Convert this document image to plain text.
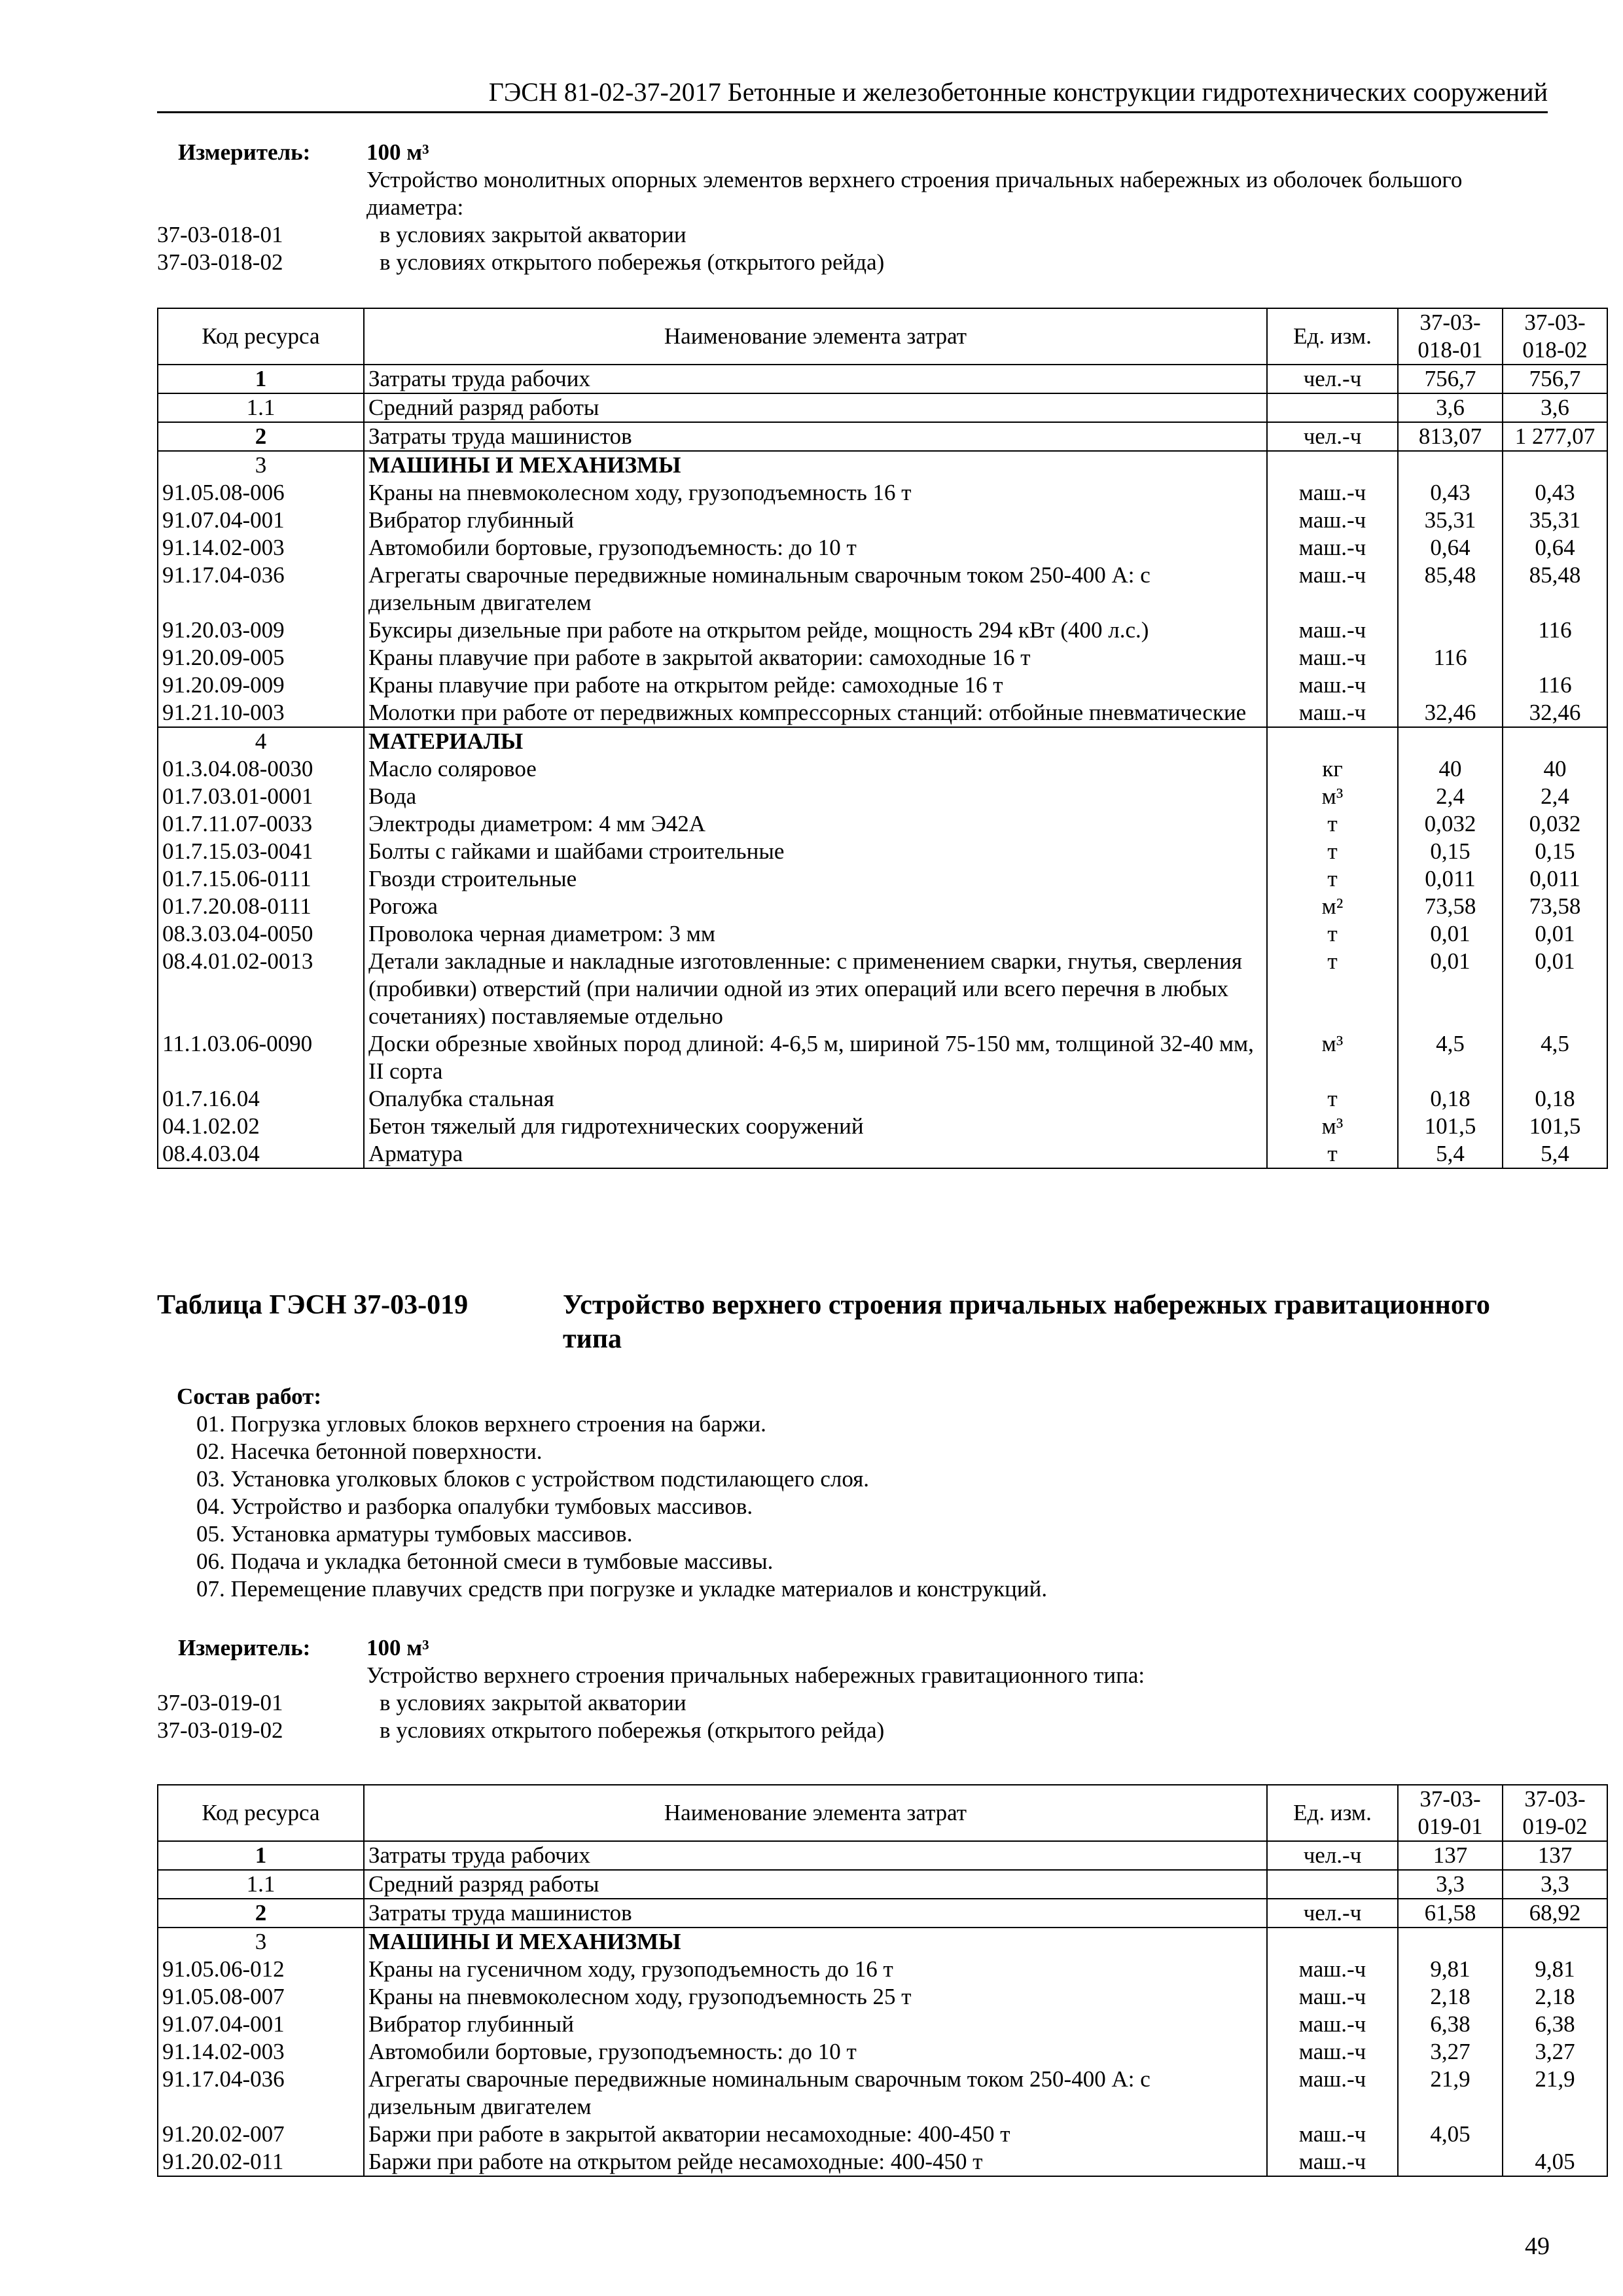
ГЭСН 81-02-37-2017 Бетонные и железобетонные конструкции гидротехнических сооружений
Измеритель:	100 м³
Устройство монолитных опорных элементов верхнего строения причальных набережных из оболочек большого диаметра:
37-03-018-01	в условиях закрытой акватории
37-03-018-02	в условиях открытого побережья (открытого рейда)
Код ресурса	Наименование элемента затрат	Ед. изм.	37-03-018-01	37-03-018-02
1	Затраты труда рабочих	чел.-ч	756,7	756,7
1.1	Средний разряд работы		3,6	3,6
2	Затраты труда машинистов	чел.-ч	813,07	1 277,07
3	МАШИНЫ И МЕХАНИЗМЫ			
91.05.08-006	Краны на пневмоколесном ходу, грузоподъемность 16 т	маш.-ч	0,43	0,43
91.07.04-001	Вибратор глубинный	маш.-ч	35,31	35,31
91.14.02-003	Автомобили бортовые, грузоподъемность: до 10 т	маш.-ч	0,64	0,64
91.17.04-036	Агрегаты сварочные передвижные номинальным сварочным током 250-400 А: с дизельным двигателем	маш.-ч	85,48	85,48
91.20.03-009	Буксиры дизельные при работе на открытом рейде, мощность 294 кВт (400 л.с.)	маш.-ч		116
91.20.09-005	Краны плавучие при работе в закрытой акватории: самоходные 16 т	маш.-ч	116	
91.20.09-009	Краны плавучие при работе на открытом рейде: самоходные 16 т	маш.-ч		116
91.21.10-003	Молотки при работе от передвижных компрессорных станций: отбойные пневматические	маш.-ч	32,46	32,46
4	МАТЕРИАЛЫ			
01.3.04.08-0030	Масло соляровое	кг	40	40
01.7.03.01-0001	Вода	м³	2,4	2,4
01.7.11.07-0033	Электроды диаметром: 4 мм Э42А	т	0,032	0,032
01.7.15.03-0041	Болты с гайками и шайбами строительные	т	0,15	0,15
01.7.15.06-0111	Гвозди строительные	т	0,011	0,011
01.7.20.08-0111	Рогожа	м²	73,58	73,58
08.3.03.04-0050	Проволока черная диаметром: 3 мм	т	0,01	0,01
08.4.01.02-0013	Детали закладные и накладные изготовленные: с применением сварки, гнутья, сверления (пробивки) отверстий (при наличии одной из этих операций или всего перечня в любых сочетаниях) поставляемые отдельно	т	0,01	0,01
11.1.03.06-0090	Доски обрезные хвойных пород длиной: 4-6,5 м, шириной 75-150 мм, толщиной 32-40 мм, II сорта	м³	4,5	4,5
01.7.16.04	Опалубка стальная	т	0,18	0,18
04.1.02.02	Бетон тяжелый для гидротехнических сооружений	м³	101,5	101,5
08.4.03.04	Арматура	т	5,4	5,4
Таблица ГЭСН 37-03-019	Устройство верхнего строения причальных набережных гравитационного типа
Состав работ:
01. Погрузка угловых блоков верхнего строения на баржи.
02. Насечка бетонной поверхности.
03. Установка уголковых блоков с устройством подстилающего слоя.
04. Устройство и разборка опалубки тумбовых массивов.
05. Установка арматуры тумбовых массивов.
06. Подача и укладка бетонной смеси в тумбовые массивы.
07. Перемещение плавучих средств при погрузке и укладке материалов и конструкций.
Измеритель:	100 м³
Устройство верхнего строения причальных набережных гравитационного типа:
37-03-019-01	в условиях закрытой акватории
37-03-019-02	в условиях открытого побережья (открытого рейда)
Код ресурса	Наименование элемента затрат	Ед. изм.	37-03-019-01	37-03-019-02
1	Затраты труда рабочих	чел.-ч	137	137
1.1	Средний разряд работы		3,3	3,3
2	Затраты труда машинистов	чел.-ч	61,58	68,92
3	МАШИНЫ И МЕХАНИЗМЫ			
91.05.06-012	Краны на гусеничном ходу, грузоподъемность до 16 т	маш.-ч	9,81	9,81
91.05.08-007	Краны на пневмоколесном ходу, грузоподъемность 25 т	маш.-ч	2,18	2,18
91.07.04-001	Вибратор глубинный	маш.-ч	6,38	6,38
91.14.02-003	Автомобили бортовые, грузоподъемность: до 10 т	маш.-ч	3,27	3,27
91.17.04-036	Агрегаты сварочные передвижные номинальным сварочным током 250-400 А: с дизельным двигателем	маш.-ч	21,9	21,9
91.20.02-007	Баржи при работе в закрытой акватории несамоходные: 400-450 т	маш.-ч	4,05	
91.20.02-011	Баржи при работе на открытом рейде несамоходные: 400-450 т	маш.-ч		4,05
49
